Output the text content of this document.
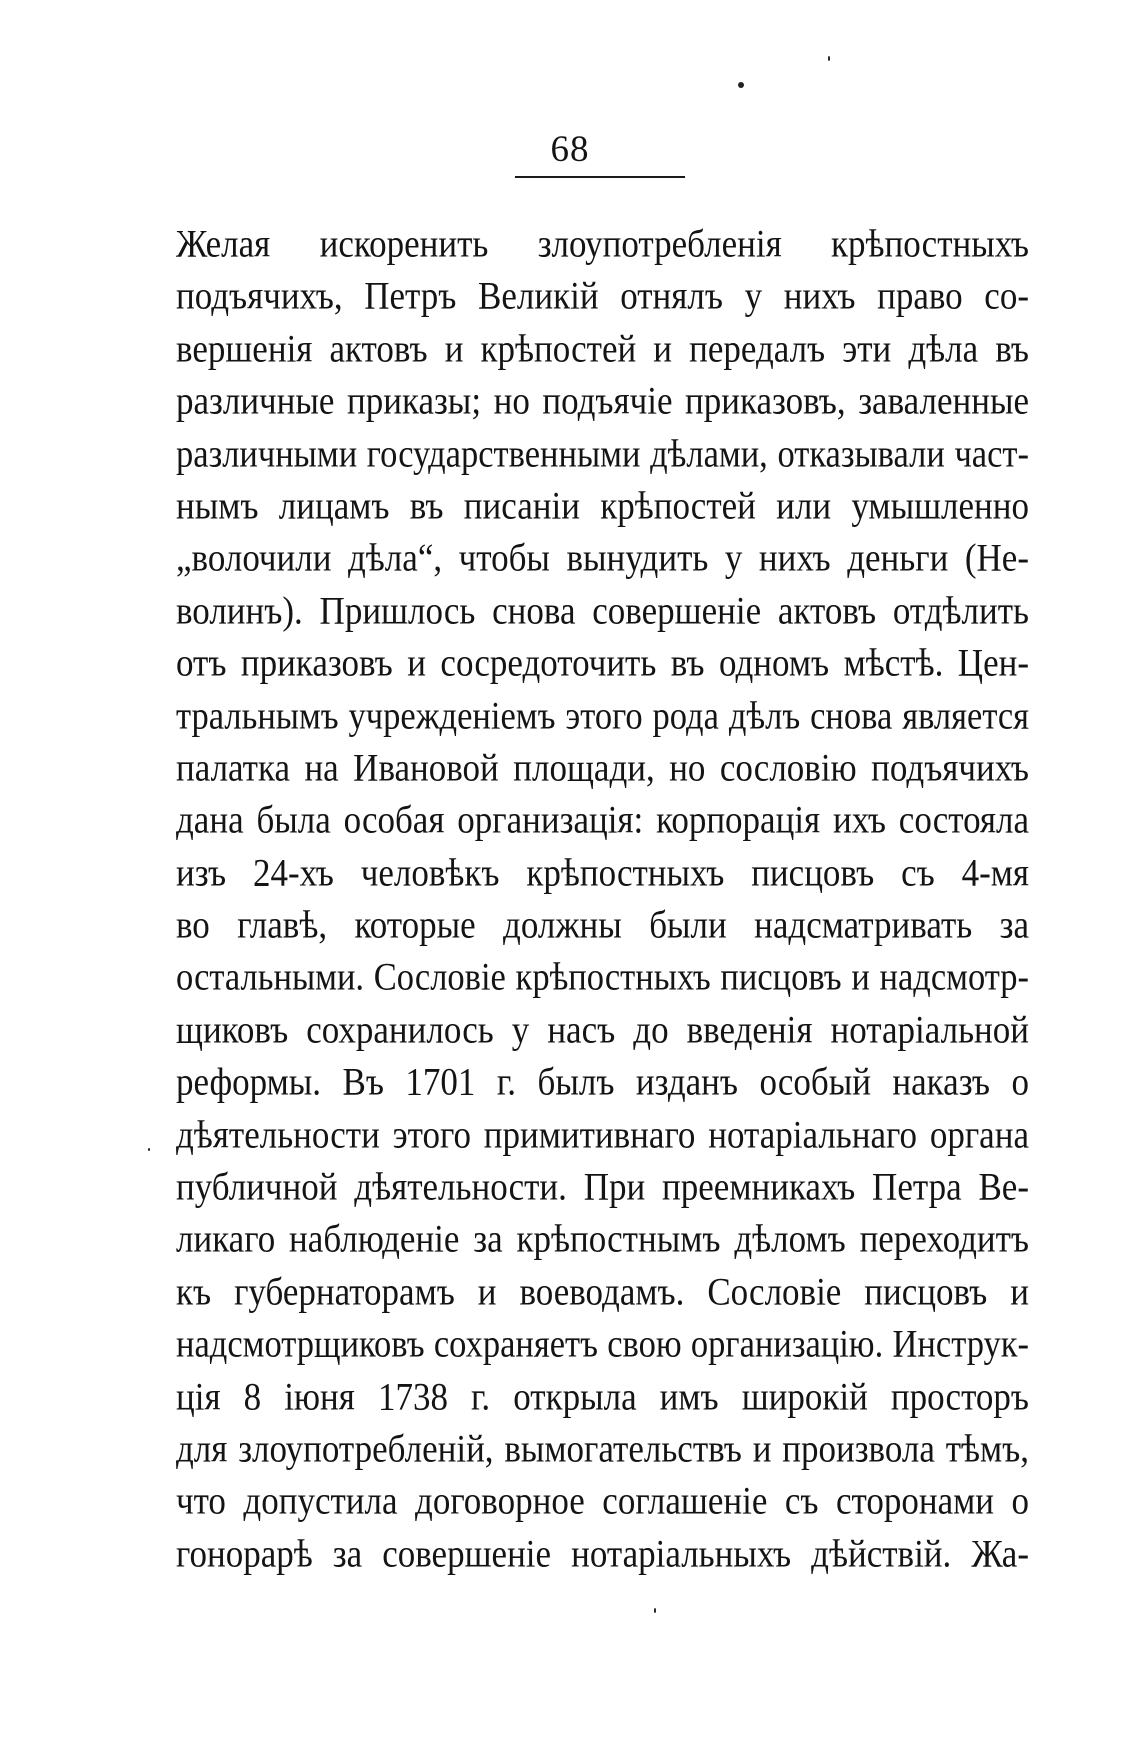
68
Желая искоренить злоупотребленія крѣпостныхъ
подъячихъ, Петръ Великій отнялъ у нихъ право со-
вершенія актовъ и крѣпостей и передалъ эти дѣла въ
различные приказы; но подъячіе приказовъ, заваленные
различными государственными дѣлами, отказывали част-
нымъ лицамъ въ писаніи крѣпостей или умышленно
„волочили дѣла“, чтобы вынудить у нихъ деньги (Не-
волинъ). Пришлось снова совершеніе актовъ отдѣлить
отъ приказовъ и сосредоточить въ одномъ мѣстѣ. Цен-
тральнымъ учрежденіемъ этого рода дѣлъ снова является
палатка на Ивановой площади, но сословію подъячихъ
дана была особая организація: корпорація ихъ состояла
изъ 24-хъ человѣкъ крѣпостныхъ писцовъ съ 4-мя
во главѣ, которые должны были надсматривать за
остальными. Сословіе крѣпостныхъ писцовъ и надсмотр-
щиковъ сохранилось у насъ до введенія нотаріальной
реформы. Въ 1701 г. былъ изданъ особый наказъ о
дѣятельности этого примитивнаго нотаріальнаго органа
публичной дѣятельности. При преемникахъ Петра Ве-
ликаго наблюденіе за крѣпостнымъ дѣломъ переходитъ
къ губернаторамъ и воеводамъ. Сословіе писцовъ и
надсмотрщиковъ сохраняетъ свою организацію. Инструк-
ція 8 іюня 1738 г. открыла имъ широкій просторъ
для злоупотребленій, вымогательствъ и произвола тѣмъ,
что допустила договорное соглашеніе съ сторонами о
гонорарѣ за совершеніе нотаріальныхъ дѣйствій. Жа-
